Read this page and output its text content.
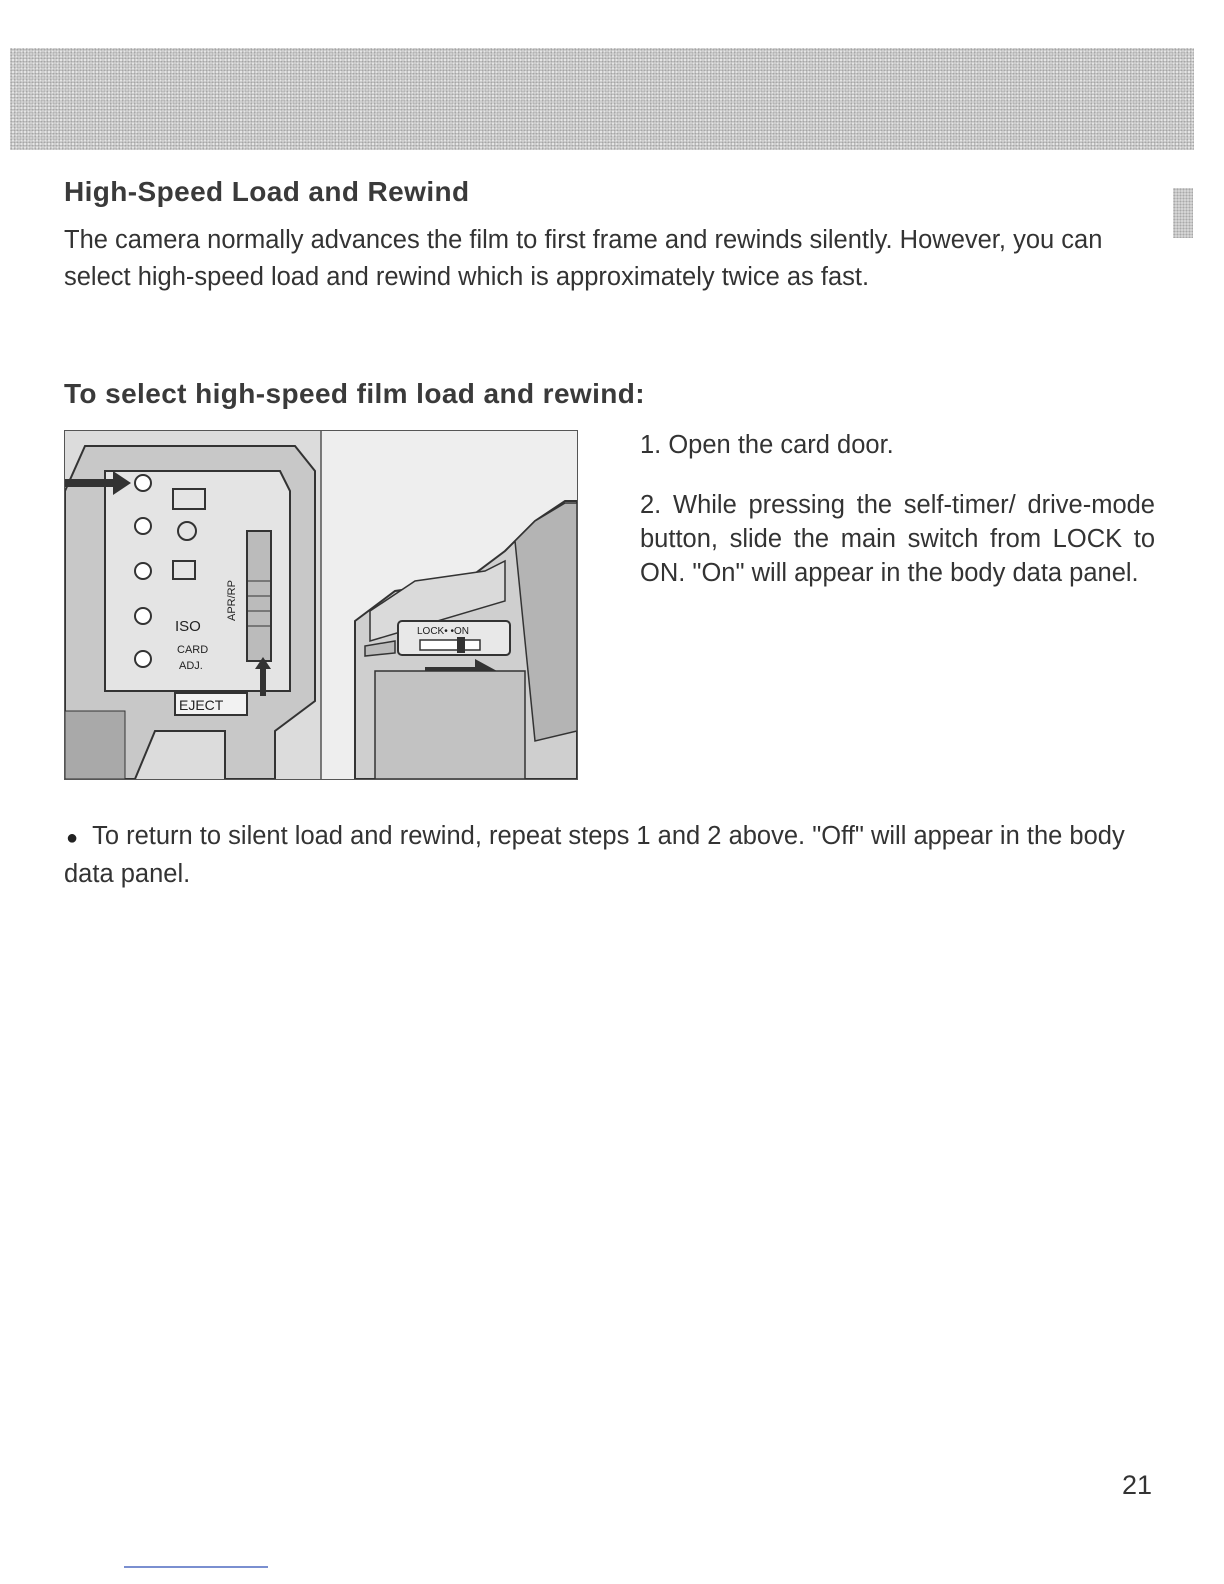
High-Speed Load and Rewind

The camera normally advances the film to first frame and rewinds silently. However, you can select high-speed load and rewind which is approximately twice as fast.

To select high-speed film load and rewind:
ISO
CARD
ADJ.
APR/RP
EJECT
LOCK• •ON

1. Open the card door.

2. While pressing the self-timer/ drive-mode button, slide the main switch from LOCK to ON. "On" will appear in the body data panel.

● To return to silent load and rewind, repeat steps 1 and 2 above. "Off" will appear in the body data panel.

21
